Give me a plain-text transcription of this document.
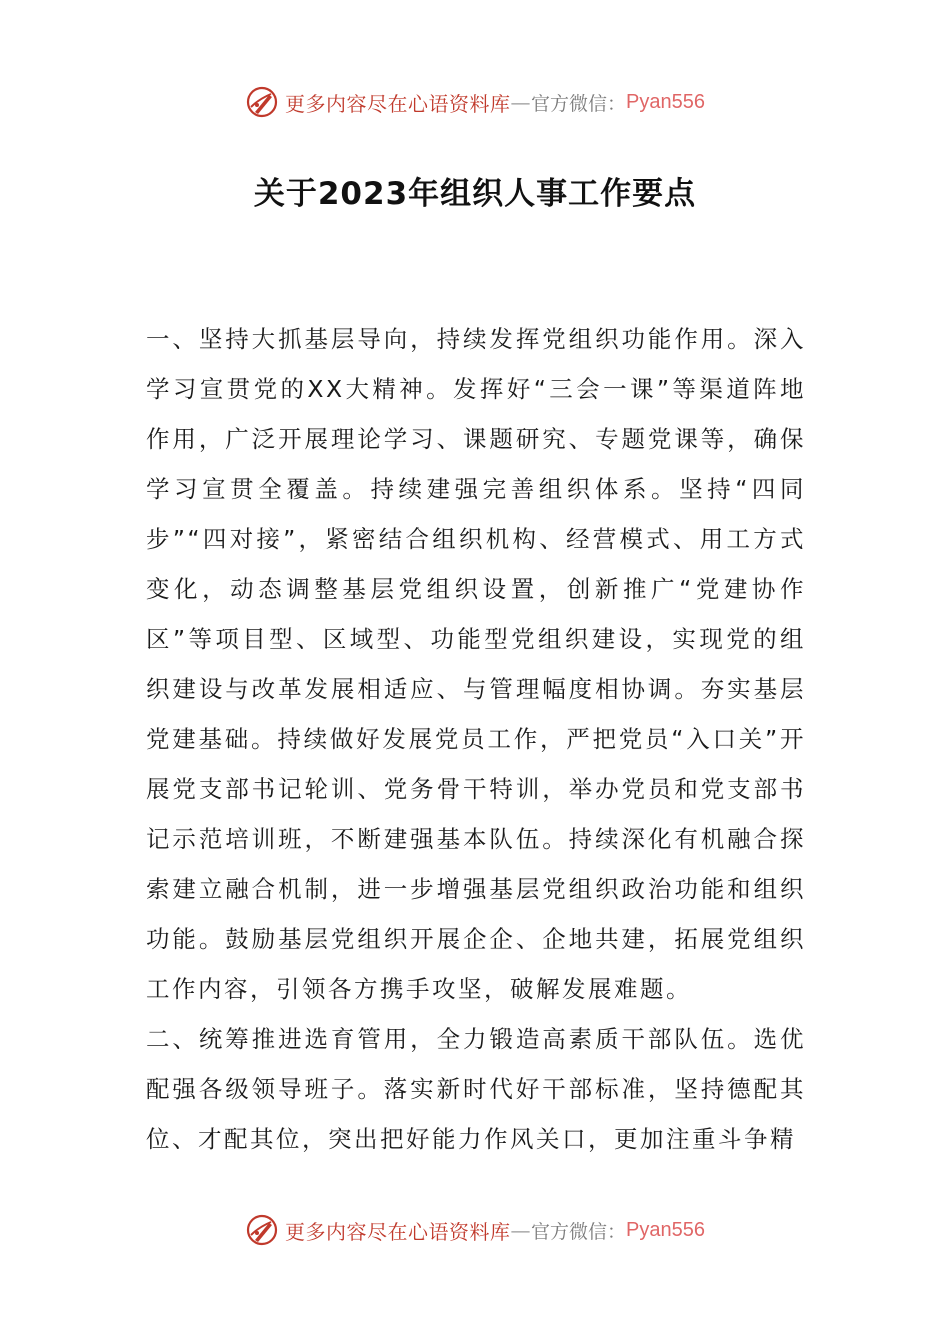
更多内容尽在心语资料库 — 官方微信： Pyan556
关于2023年组织人事工作要点

一、坚持大抓基层导向，持续发挥党组织功能作用。深入学习宣贯党的XX大精神。发挥好“三会一课”等渠道阵地作用，广泛开展理论学习、课题研究、专题党课等，确保学习宣贯全覆盖。持续建强完善组织体系。坚持“四同步”“四对接”，紧密结合组织机构、经营模式、用工方式变化，动态调整基层党组织设置，创新推广“党建协作区”等项目型、区域型、功能型党组织建设，实现党的组织建设与改革发展相适应、与管理幅度相协调。夯实基层党建基础。持续做好发展党员工作，严把党员“入口关”开展党支部书记轮训、党务骨干特训，举办党员和党支部书记示范培训班，不断建强基本队伍。持续深化有机融合探索建立融合机制，进一步增强基层党组织政治功能和组织功能。鼓励基层党组织开展企企、企地共建，拓展党组织工作内容，引领各方携手攻坚，破解发展难题。

二、统筹推进选育管用，全力锻造高素质干部队伍。选优配强各级领导班子。落实新时代好干部标准，坚持德配其位、才配其位，突出把好能力作风关口，更加注重斗争精

更多内容尽在心语资料库 — 官方微信： Pyan556
